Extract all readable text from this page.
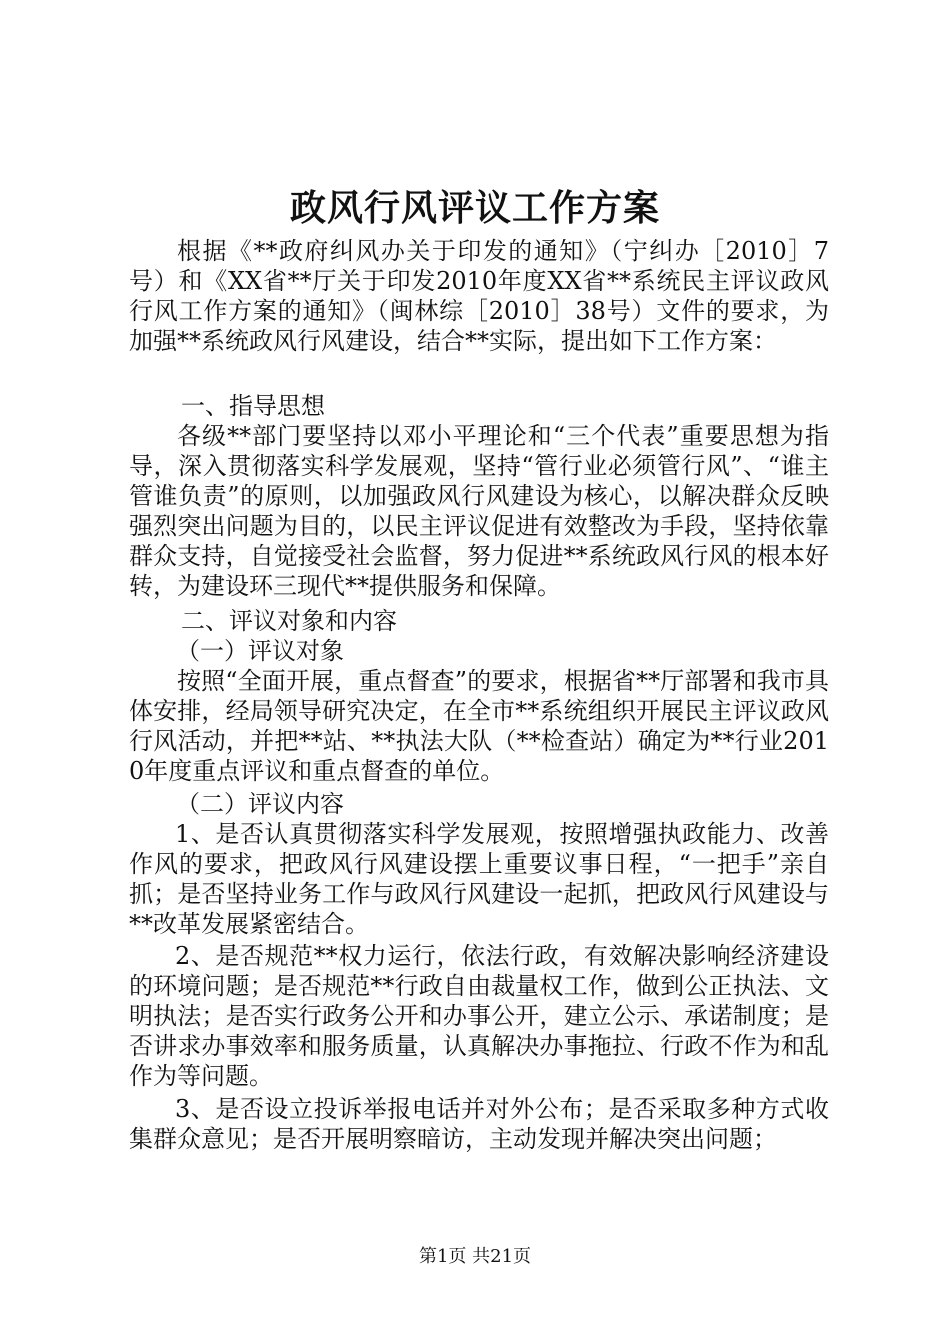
政风行风评议工作方案

根据《**政府纠风办关于印发的通知》（宁纠办［2010］7号）和《XX省**厅关于印发2010年度XX省**系统民主评议政风行风工作方案的通知》（闽林综［2010］38号）文件的要求，为加强**系统政风行风建设，结合**实际，提出如下工作方案：

一、指导思想

各级**部门要坚持以邓小平理论和“三个代表”重要思想为指导，深入贯彻落实科学发展观，坚持“管行业必须管行风”、“谁主管谁负责”的原则，以加强政风行风建设为核心，以解决群众反映强烈突出问题为目的，以民主评议促进有效整改为手段，坚持依靠群众支持，自觉接受社会监督，努力促进**系统政风行风的根本好转，为建设环三现代**提供服务和保障。

二、评议对象和内容

（一）评议对象

按照“全面开展，重点督查”的要求，根据省**厅部署和我市具体安排，经局领导研究决定，在全市**系统组织开展民主评议政风行风活动，并把**站、**执法大队（**检查站）确定为**行业2010年度重点评议和重点督查的单位。

（二）评议内容

1、是否认真贯彻落实科学发展观，按照增强执政能力、改善作风的要求，把政风行风建设摆上重要议事日程，“一把手”亲自抓；是否坚持业务工作与政风行风建设一起抓，把政风行风建设与**改革发展紧密结合。

2、是否规范**权力运行，依法行政，有效解决影响经济建设的环境问题；是否规范**行政自由裁量权工作，做到公正执法、文明执法；是否实行政务公开和办事公开，建立公示、承诺制度；是否讲求办事效率和服务质量，认真解决办事拖拉、行政不作为和乱作为等问题。

3、是否设立投诉举报电话并对外公布；是否采取多种方式收集群众意见；是否开展明察暗访，主动发现并解决突出问题；

第1页 共21页
